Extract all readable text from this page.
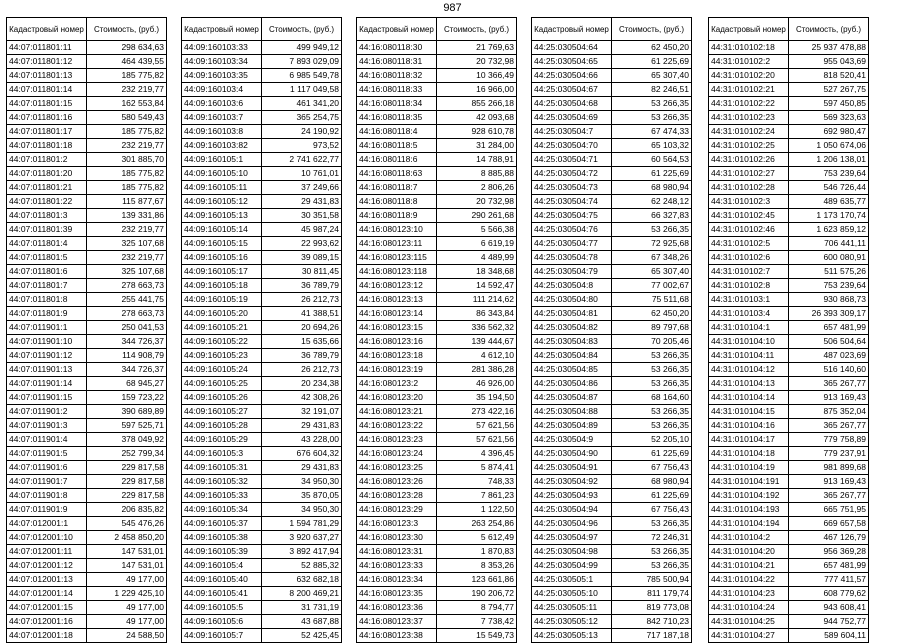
987
Кадастровый номер	Стоимость, (руб.)
44:07:011801:11	298 634,63
44:07:011801:12	464 439,55
44:07:011801:13	185 775,82
44:07:011801:14	232 219,77
44:07:011801:15	162 553,84
44:07:011801:16	580 549,43
44:07:011801:17	185 775,82
44:07:011801:18	232 219,77
44:07:011801:2	301 885,70
44:07:011801:20	185 775,82
44:07:011801:21	185 775,82
44:07:011801:22	115 877,67
44:07:011801:3	139 331,86
44:07:011801:39	232 219,77
44:07:011801:4	325 107,68
44:07:011801:5	232 219,77
44:07:011801:6	325 107,68
44:07:011801:7	278 663,73
44:07:011801:8	255 441,75
44:07:011801:9	278 663,73
44:07:011901:1	250 041,53
44:07:011901:10	344 726,37
44:07:011901:12	114 908,79
44:07:011901:13	344 726,37
44:07:011901:14	68 945,27
44:07:011901:15	159 723,22
44:07:011901:2	390 689,89
44:07:011901:3	597 525,71
44:07:011901:4	378 049,92
44:07:011901:5	252 799,34
44:07:011901:6	229 817,58
44:07:011901:7	229 817,58
44:07:011901:8	229 817,58
44:07:011901:9	206 835,82
44:07:012001:1	545 476,26
44:07:012001:10	2 458 850,20
44:07:012001:11	147 531,01
44:07:012001:12	147 531,01
44:07:012001:13	49 177,00
44:07:012001:14	1 229 425,10
44:07:012001:15	49 177,00
44:07:012001:16	49 177,00
44:07:012001:18	24 588,50
Кадастровый номер	Стоимость, (руб.)
44:09:160103:33	499 949,12
44:09:160103:34	7 893 029,09
44:09:160103:35	6 985 549,78
44:09:160103:4	1 117 049,58
44:09:160103:6	461 341,20
44:09:160103:7	365 254,75
44:09:160103:8	24 190,92
44:09:160103:82	973,52
44:09:160105:1	2 741 622,77
44:09:160105:10	10 761,01
44:09:160105:11	37 249,66
44:09:160105:12	29 431,83
44:09:160105:13	30 351,58
44:09:160105:14	45 987,24
44:09:160105:15	22 993,62
44:09:160105:16	39 089,15
44:09:160105:17	30 811,45
44:09:160105:18	36 789,79
44:09:160105:19	26 212,73
44:09:160105:20	41 388,51
44:09:160105:21	20 694,26
44:09:160105:22	15 635,66
44:09:160105:23	36 789,79
44:09:160105:24	26 212,73
44:09:160105:25	20 234,38
44:09:160105:26	42 308,26
44:09:160105:27	32 191,07
44:09:160105:28	29 431,83
44:09:160105:29	43 228,00
44:09:160105:3	676 604,32
44:09:160105:31	29 431,83
44:09:160105:32	34 950,30
44:09:160105:33	35 870,05
44:09:160105:34	34 950,30
44:09:160105:37	1 594 781,29
44:09:160105:38	3 920 637,27
44:09:160105:39	3 892 417,94
44:09:160105:4	52 885,32
44:09:160105:40	632 682,18
44:09:160105:41	8 200 469,21
44:09:160105:5	31 731,19
44:09:160105:6	43 687,88
44:09:160105:7	52 425,45
Кадастровый номер	Стоимость, (руб.)
44:16:080118:30	21 769,63
44:16:080118:31	20 732,98
44:16:080118:32	10 366,49
44:16:080118:33	16 966,00
44:16:080118:34	855 266,18
44:16:080118:35	42 093,68
44:16:080118:4	928 610,78
44:16:080118:5	31 284,00
44:16:080118:6	14 788,91
44:16:080118:63	8 885,88
44:16:080118:7	2 806,26
44:16:080118:8	20 732,98
44:16:080118:9	290 261,68
44:16:080123:10	5 566,38
44:16:080123:11	6 619,19
44:16:080123:115	4 489,99
44:16:080123:118	18 348,68
44:16:080123:12	14 592,47
44:16:080123:13	111 214,62
44:16:080123:14	86 343,84
44:16:080123:15	336 562,32
44:16:080123:16	139 444,67
44:16:080123:18	4 612,10
44:16:080123:19	281 386,28
44:16:080123:2	46 926,00
44:16:080123:20	35 194,50
44:16:080123:21	273 422,16
44:16:080123:22	57 621,56
44:16:080123:23	57 621,56
44:16:080123:24	4 396,45
44:16:080123:25	5 874,41
44:16:080123:26	748,33
44:16:080123:28	7 861,23
44:16:080123:29	1 122,50
44:16:080123:3	263 254,86
44:16:080123:30	5 612,49
44:16:080123:31	1 870,83
44:16:080123:33	8 353,26
44:16:080123:34	123 661,86
44:16:080123:35	190 206,72
44:16:080123:36	8 794,77
44:16:080123:37	7 738,42
44:16:080123:38	15 549,73
Кадастровый номер	Стоимость, (руб.)
44:25:030504:64	62 450,20
44:25:030504:65	61 225,69
44:25:030504:66	65 307,40
44:25:030504:67	82 246,51
44:25:030504:68	53 266,35
44:25:030504:69	53 266,35
44:25:030504:7	67 474,33
44:25:030504:70	65 103,32
44:25:030504:71	60 564,53
44:25:030504:72	61 225,69
44:25:030504:73	68 980,94
44:25:030504:74	62 248,12
44:25:030504:75	66 327,83
44:25:030504:76	53 266,35
44:25:030504:77	72 925,68
44:25:030504:78	67 348,26
44:25:030504:79	65 307,40
44:25:030504:8	77 002,67
44:25:030504:80	75 511,68
44:25:030504:81	62 450,20
44:25:030504:82	89 797,68
44:25:030504:83	70 205,46
44:25:030504:84	53 266,35
44:25:030504:85	53 266,35
44:25:030504:86	53 266,35
44:25:030504:87	68 164,60
44:25:030504:88	53 266,35
44:25:030504:89	53 266,35
44:25:030504:9	52 205,10
44:25:030504:90	61 225,69
44:25:030504:91	67 756,43
44:25:030504:92	68 980,94
44:25:030504:93	61 225,69
44:25:030504:94	67 756,43
44:25:030504:96	53 266,35
44:25:030504:97	72 246,31
44:25:030504:98	53 266,35
44:25:030504:99	53 266,35
44:25:030505:1	785 500,94
44:25:030505:10	811 179,74
44:25:030505:11	819 773,08
44:25:030505:12	842 710,23
44:25:030505:13	717 187,18
Кадастровый номер	Стоимость, (руб.)
44:31:010102:18	25 937 478,88
44:31:010102:2	955 043,69
44:31:010102:20	818 520,41
44:31:010102:21	527 267,75
44:31:010102:22	597 450,85
44:31:010102:23	569 323,63
44:31:010102:24	692 980,47
44:31:010102:25	1 050 674,06
44:31:010102:26	1 206 138,01
44:31:010102:27	753 239,64
44:31:010102:28	546 726,44
44:31:010102:3	489 635,77
44:31:010102:45	1 173 170,74
44:31:010102:46	1 623 859,12
44:31:010102:5	706 441,11
44:31:010102:6	600 080,91
44:31:010102:7	511 575,26
44:31:010102:8	753 239,64
44:31:010103:1	930 868,73
44:31:010103:4	26 393 309,17
44:31:010104:1	657 481,99
44:31:010104:10	506 504,64
44:31:010104:11	487 023,69
44:31:010104:12	516 140,60
44:31:010104:13	365 267,77
44:31:010104:14	913 169,43
44:31:010104:15	875 352,04
44:31:010104:16	365 267,77
44:31:010104:17	779 758,89
44:31:010104:18	779 237,91
44:31:010104:19	981 899,68
44:31:010104:191	913 169,43
44:31:010104:192	365 267,77
44:31:010104:193	665 751,95
44:31:010104:194	669 657,58
44:31:010104:2	467 126,79
44:31:010104:20	956 369,28
44:31:010104:21	657 481,99
44:31:010104:22	777 411,57
44:31:010104:23	608 779,62
44:31:010104:24	943 608,41
44:31:010104:25	944 752,77
44:31:010104:27	589 604,11
